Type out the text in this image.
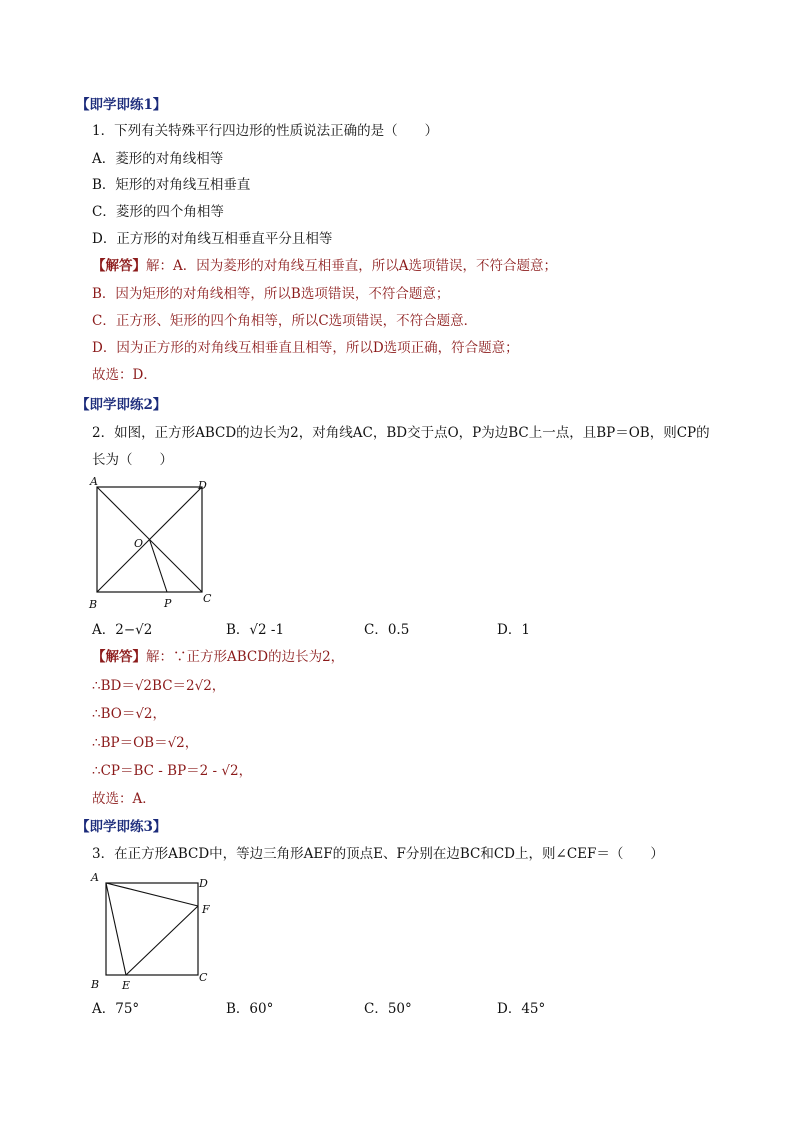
【即学即练1】
1．下列有关特殊平行四边形的性质说法正确的是（　　）
A．菱形的对角线相等
B．矩形的对角线互相垂直
C．菱形的四个角相等
D．正方形的对角线互相垂直平分且相等
【解答】解：A．因为菱形的对角线互相垂直，所以A选项错误，不符合题意；
B．因为矩形的对角线相等，所以B选项错误，不符合题意；
C．正方形、矩形的四个角相等，所以C选项错误，不符合题意．
D．因为正方形的对角线互相垂直且相等，所以D选项正确，符合题意；
故选：D．
【即学即练2】
2．如图，正方形ABCD的边长为2，对角线AC，BD交于点O，P为边BC上一点，且BP＝OB，则CP的
长为（　　）
A	D
O
B	P	C
A．2−√2	B．√2 -1	C．0.5	D．1
【解答】解：∵正方形ABCD的边长为2，
∴BD＝√2BC＝2√2，
∴BO＝√2，
∴BP＝OB＝√2，
∴CP＝BC - BP＝2 - √2，
故选：A．
【即学即练3】
3．在正方形ABCD中，等边三角形AEF的顶点E、F分别在边BC和CD上，则∠CEF＝（　　）
A	D
F
B E
C
A．75°	B．60°	C．50°	D．45°
